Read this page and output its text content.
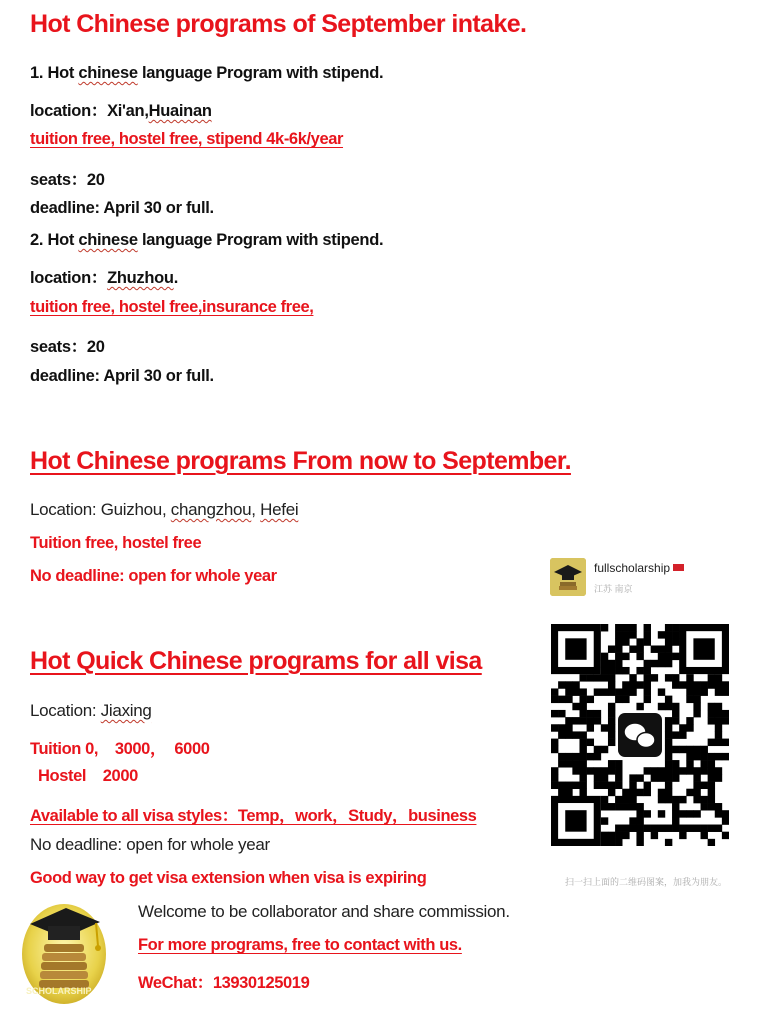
Hot Chinese programs of September intake.
1. Hot chinese language Program with stipend.
location：Xi'an,Huainan
tuition free, hostel free, stipend 4k-6k/year
seats：20
deadline: April 30 or full.
2. Hot chinese language Program with stipend.
location：Zhuzhou.
tuition free, hostel free,insurance free,
seats：20
deadline: April 30 or full.
Hot Chinese programs From now to September.
Location: Guizhou, changzhou, Hefei
Tuition free, hostel free
No deadline: open for whole year
Hot Quick Chinese programs for all visa
Location: Jiaxing
Tuition 0,    3000，  6000
Hostel    2000
Available to all visa styles：Temp，work，Study，business
No deadline: open for whole year
Good way to get visa extension when visa is expiring
Welcome to be collaborator and share commission.
For more programs, free to contact with us.
WeChat：13930125019
SCHOLARSHIP
fullscholarship
江苏 南京
扫一扫上面的二维码图案，加我为朋友。
